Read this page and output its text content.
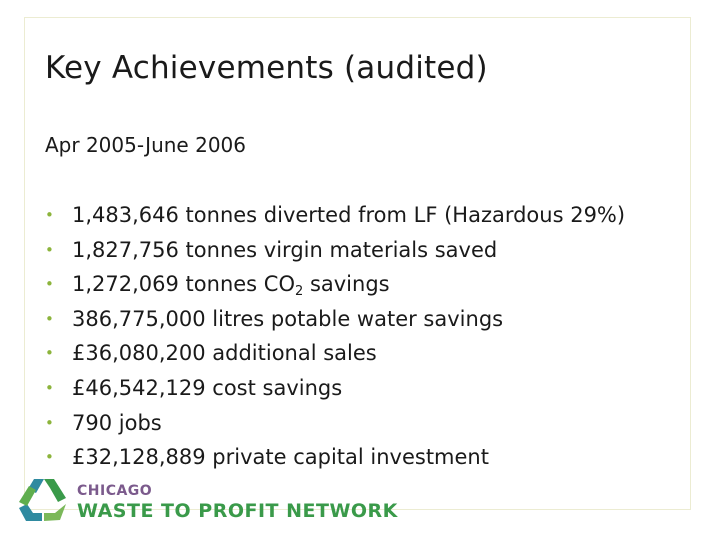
Key Achievements (audited)
Apr 2005-June 2006
• 1,483,646 tonnes diverted from LF (Hazardous 29%)
• 1,827,756 tonnes virgin materials saved
• 1,272,069 tonnes $CO_2$ savings
• 386,775,000 litres potable water savings
• £36,080,200 additional sales
• £46,542,129 cost savings
• 790 jobs
• £32,128,889 private capital investment
CHICAGO
WASTE TO PROFIT NETWORK
